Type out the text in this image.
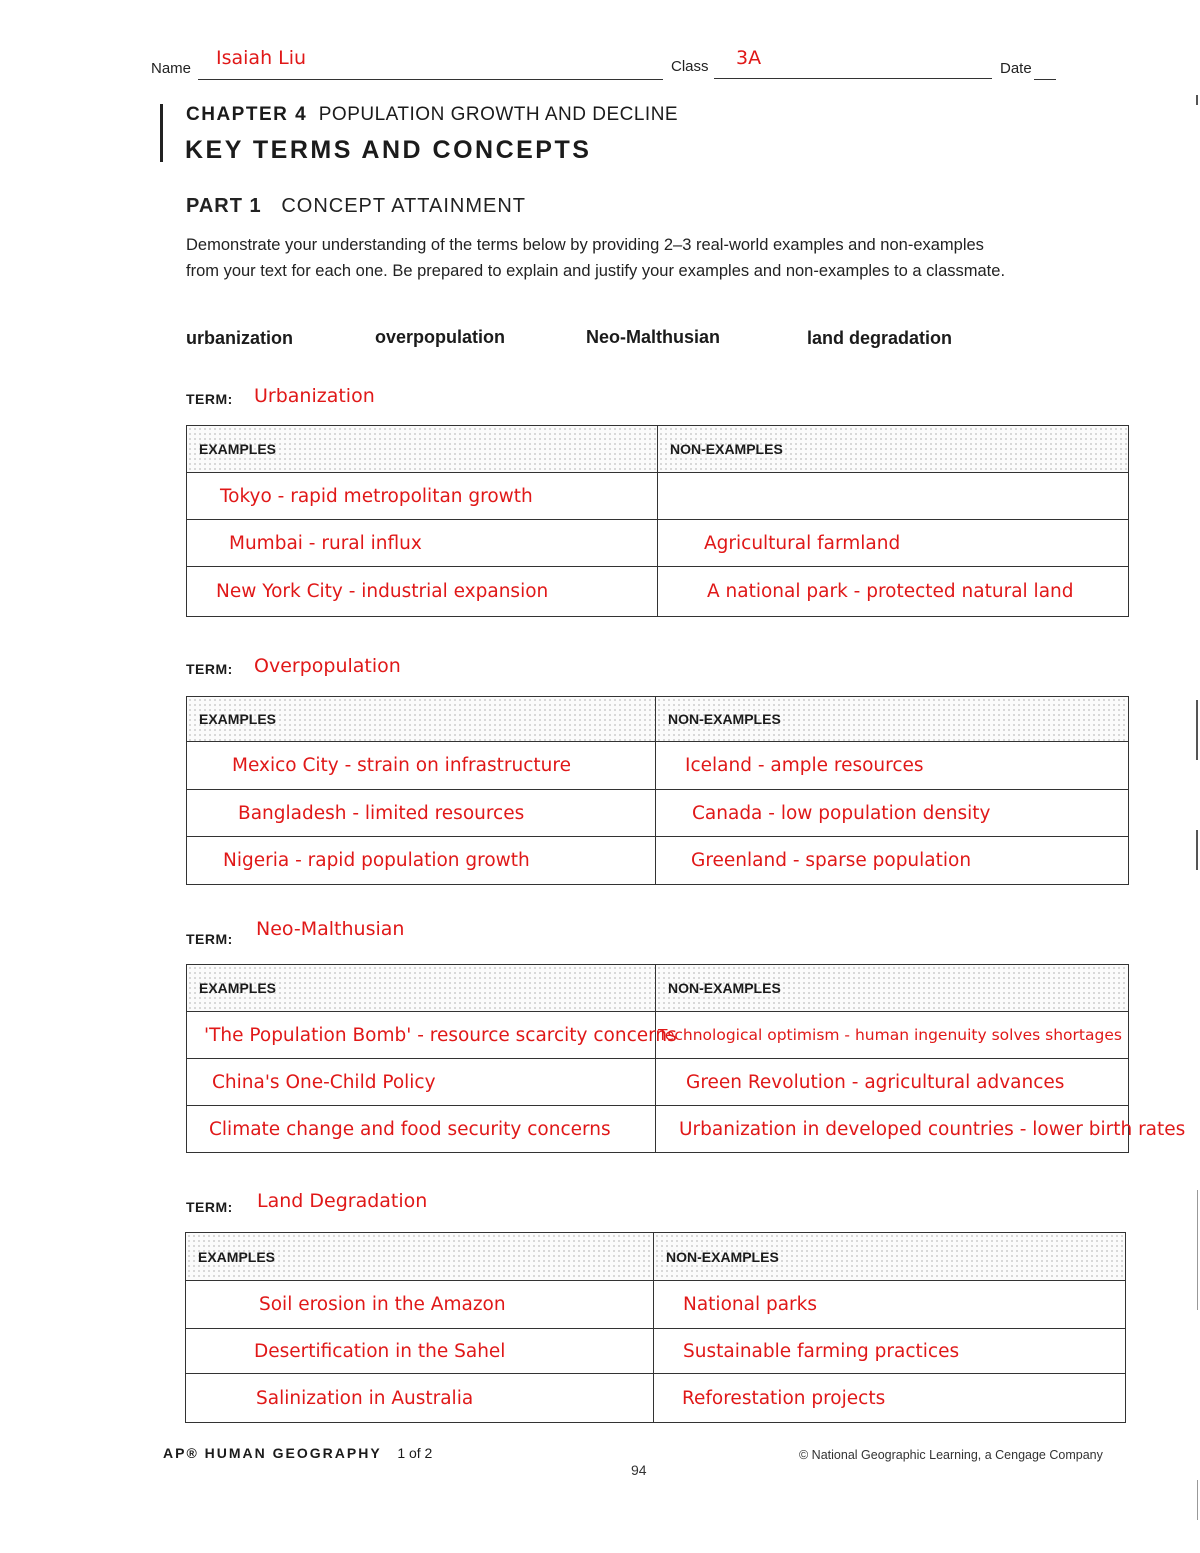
Name Isaiah Liu	Class 3A	Date
CHAPTER 4 POPULATION GROWTH AND DECLINE
KEY TERMS AND CONCEPTS
PART 1 CONCEPT ATTAINMENT
Demonstrate your understanding of the terms below by providing 2–3 real-world examples and non-examples from your text for each one. Be prepared to explain and justify your examples and non-examples to a classmate.
urbanization	overpopulation	Neo-Malthusian	land degradation
TERM: Urbanization
EXAMPLES	NON-EXAMPLES
Tokyo - rapid metropolitan growth	
Mumbai - rural influx	Agricultural farmland
New York City - industrial expansion	A national park - protected natural land
TERM: Overpopulation
EXAMPLES	NON-EXAMPLES
Mexico City - strain on infrastructure	Iceland - ample resources
Bangladesh - limited resources	Canada - low population density
Nigeria - rapid population growth	Greenland - sparse population
TERM: Neo-Malthusian
EXAMPLES	NON-EXAMPLES
'The Population Bomb' - resource scarcity concerns	Technological optimism - human ingenuity solves shortages
China's One-Child Policy	Green Revolution - agricultural advances
Climate change and food security concerns	Urbanization in developed countries - lower birth rates
TERM: Land Degradation
EXAMPLES	NON-EXAMPLES
Soil erosion in the Amazon	National parks
Desertification in the Sahel	Sustainable farming practices
Salinization in Australia	Reforestation projects
AP® HUMAN GEOGRAPHY 1 of 2
94
© National Geographic Learning, a Cengage Company
